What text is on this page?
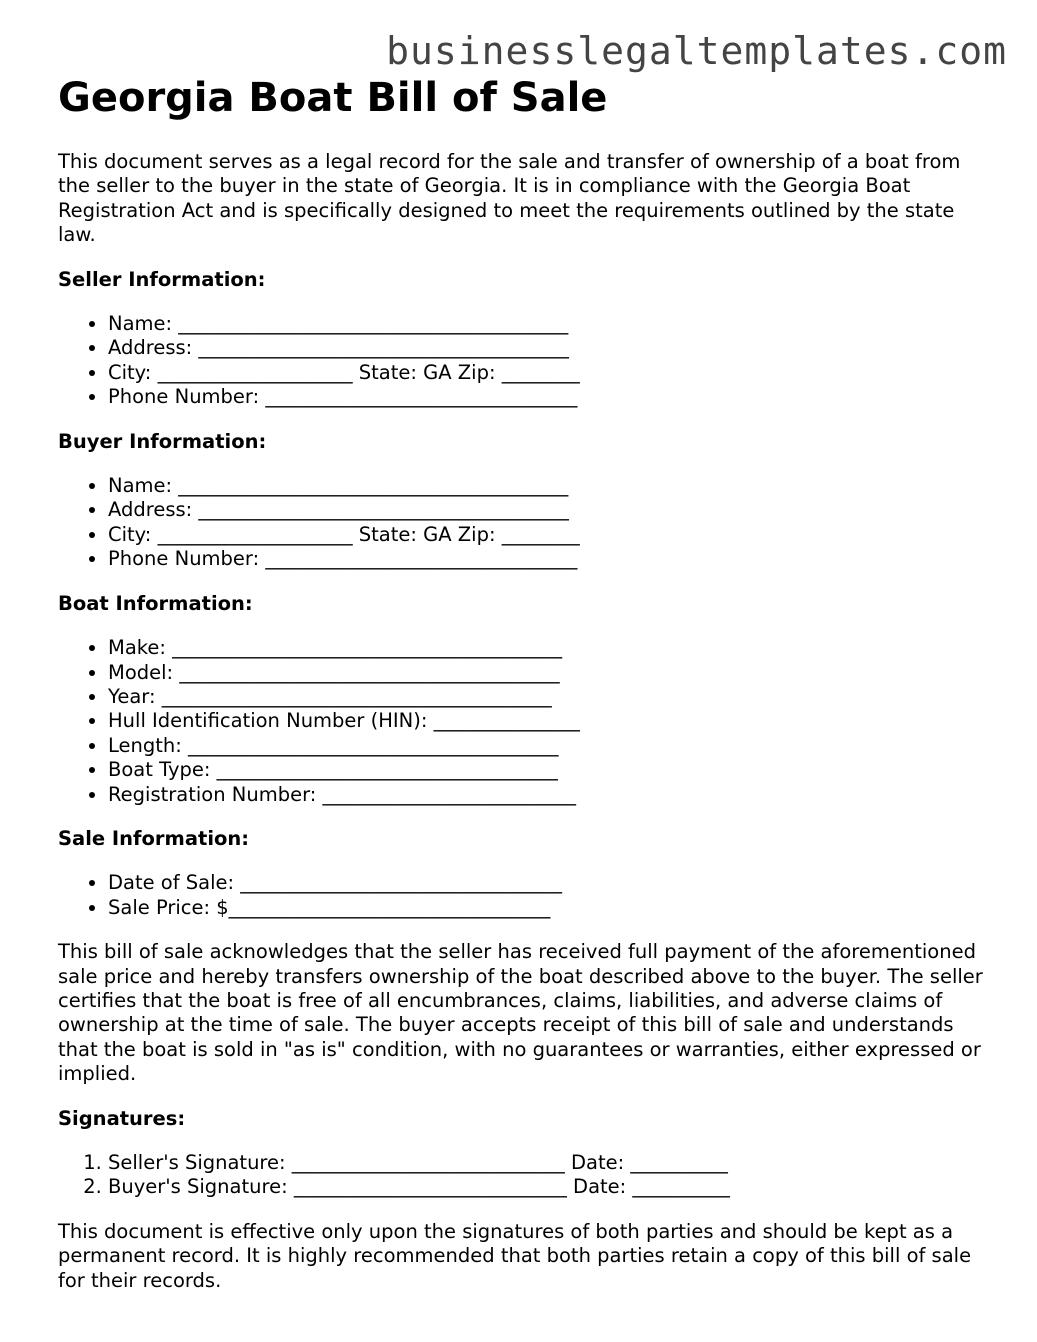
businesslegaltemplates.com

Georgia Boat Bill of Sale

This document serves as a legal record for the sale and transfer of ownership of a boat from the seller to the buyer in the state of Georgia. It is in compliance with the Georgia Boat Registration Act and is specifically designed to meet the requirements outlined by the state law.

Seller Information:

• Name: ________________________________________
• Address: ______________________________________
• City: ____________________ State: GA Zip: ________
• Phone Number: ________________________________

Buyer Information:

• Name: ________________________________________
• Address: ______________________________________
• City: ____________________ State: GA Zip: ________
• Phone Number: ________________________________

Boat Information:

• Make: ________________________________________
• Model: _______________________________________
• Year: ________________________________________
• Hull Identification Number (HIN): _______________
• Length: ______________________________________
• Boat Type: ___________________________________
• Registration Number: __________________________

Sale Information:

• Date of Sale: _________________________________
• Sale Price: $_________________________________

This bill of sale acknowledges that the seller has received full payment of the aforementioned sale price and hereby transfers ownership of the boat described above to the buyer. The seller certifies that the boat is free of all encumbrances, claims, liabilities, and adverse claims of ownership at the time of sale. The buyer accepts receipt of this bill of sale and understands that the boat is sold in "as is" condition, with no guarantees or warranties, either expressed or implied.

Signatures:

1. Seller's Signature: ____________________________ Date: __________
2. Buyer's Signature: ____________________________ Date: __________

This document is effective only upon the signatures of both parties and should be kept as a permanent record. It is highly recommended that both parties retain a copy of this bill of sale for their records.
